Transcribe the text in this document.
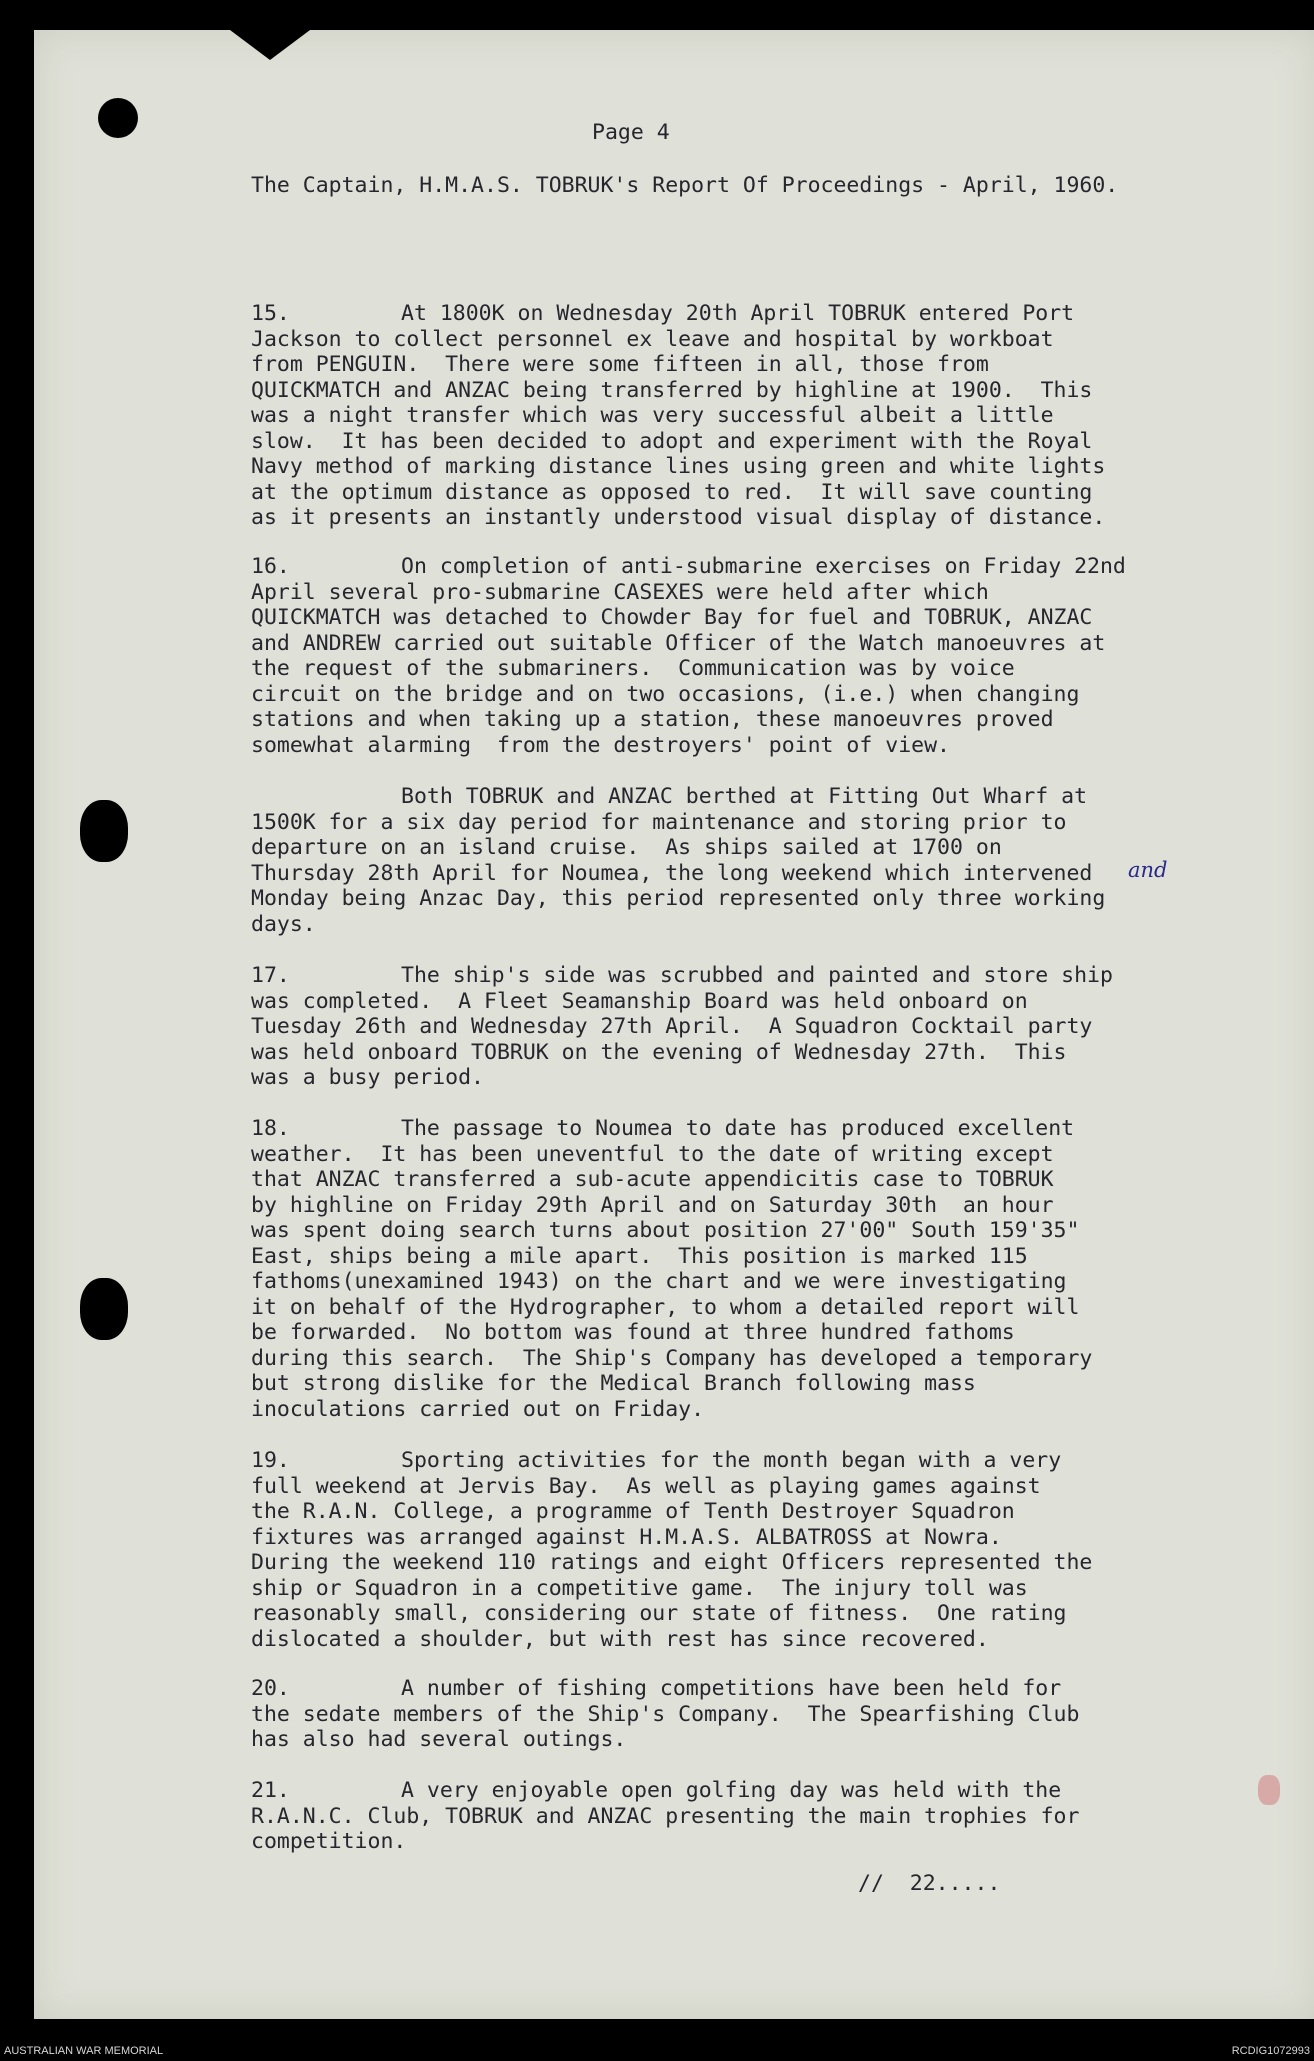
Page 4
The Captain, H.M.A.S. TOBRUK's Report Of Proceedings - April, 1960.
15.	At 1800K on Wednesday 20th April TOBRUK entered Port
Jackson to collect personnel ex leave and hospital by workboat
from PENGUIN.  There were some fifteen in all, those from
QUICKMATCH and ANZAC being transferred by highline at 1900.  This
was a night transfer which was very successful albeit a little
slow.  It has been decided to adopt and experiment with the Royal
Navy method of marking distance lines using green and white lights
at the optimum distance as opposed to red.  It will save counting
as it presents an instantly understood visual display of distance.
16.	On completion of anti-submarine exercises on Friday 22nd
April several pro-submarine CASEXES were held after which
QUICKMATCH was detached to Chowder Bay for fuel and TOBRUK, ANZAC
and ANDREW carried out suitable Officer of the Watch manoeuvres at
the request of the submariners.  Communication was by voice
circuit on the bridge and on two occasions, (i.e.) when changing
stations and when taking up a station, these manoeuvres proved
somewhat alarming  from the destroyers' point of view.
Both TOBRUK and ANZAC berthed at Fitting Out Wharf at
1500K for a six day period for maintenance and storing prior to
departure on an island cruise.  As ships sailed at 1700 on
Thursday 28th April for Noumea, the long weekend which intervened
Monday being Anzac Day, this period represented only three working
days.
17.	The ship's side was scrubbed and painted and store ship
was completed.  A Fleet Seamanship Board was held onboard on
Tuesday 26th and Wednesday 27th April.  A Squadron Cocktail party
was held onboard TOBRUK on the evening of Wednesday 27th.  This
was a busy period.
18.	The passage to Noumea to date has produced excellent
weather.  It has been uneventful to the date of writing except
that ANZAC transferred a sub-acute appendicitis case to TOBRUK
by highline on Friday 29th April and on Saturday 30th  an hour
was spent doing search turns about position 27'00" South 159'35"
East, ships being a mile apart.  This position is marked 115
fathoms(unexamined 1943) on the chart and we were investigating
it on behalf of the Hydrographer, to whom a detailed report will
be forwarded.  No bottom was found at three hundred fathoms
during this search.  The Ship's Company has developed a temporary
but strong dislike for the Medical Branch following mass
inoculations carried out on Friday.
19.	Sporting activities for the month began with a very
full weekend at Jervis Bay.  As well as playing games against
the R.A.N. College, a programme of Tenth Destroyer Squadron
fixtures was arranged against H.M.A.S. ALBATROSS at Nowra.
During the weekend 110 ratings and eight Officers represented the
ship or Squadron in a competitive game.  The injury toll was
reasonably small, considering our state of fitness.  One rating
dislocated a shoulder, but with rest has since recovered.
20.	A number of fishing competitions have been held for
the sedate members of the Ship's Company.  The Spearfishing Club
has also had several outings.
21.	A very enjoyable open golfing day was held with the
R.A.N.C. Club, TOBRUK and ANZAC presenting the main trophies for
competition.
and
//  22.....
AUSTRALIAN WAR MEMORIAL	RCDIG1072993
